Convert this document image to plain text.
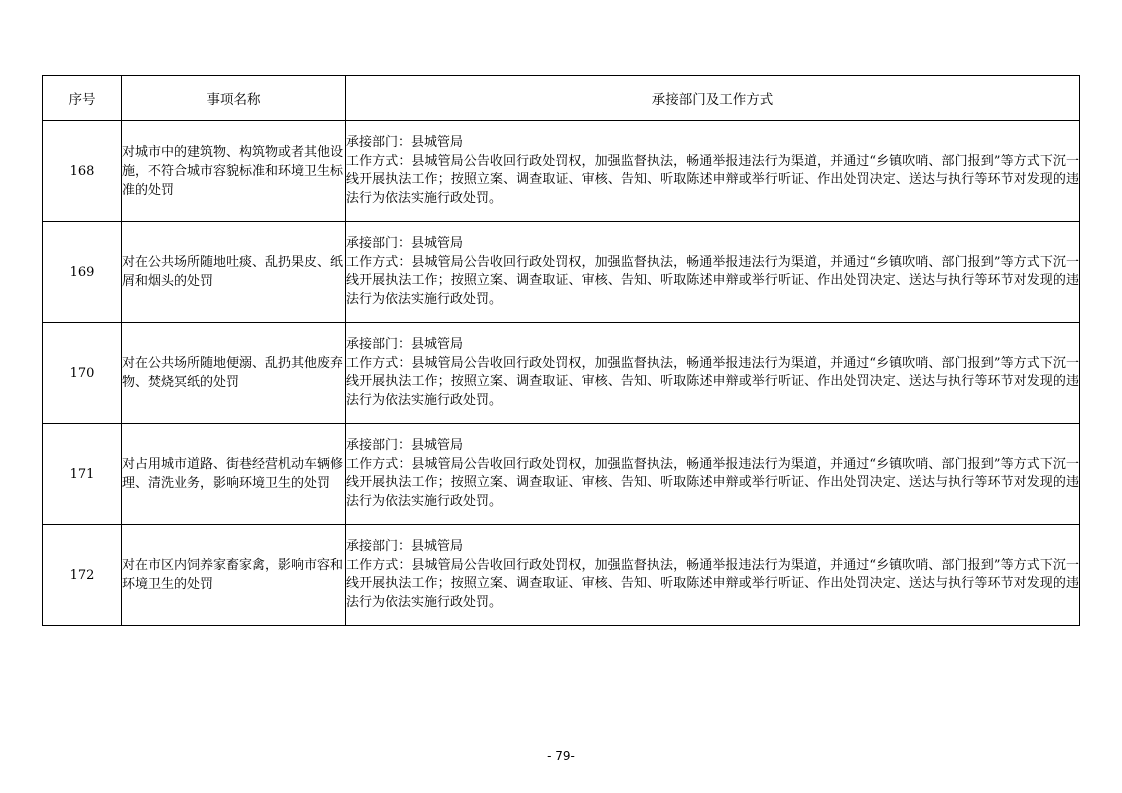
序号	事项名称	承接部门及工作方式
168	对城市中的建筑物、构筑物或者其他设施，不符合城市容貌标准和环境卫生标准的处罚	承接部门：县城管局
工作方式：县城管局公告收回行政处罚权，加强监督执法，畅通举报违法行为渠道，并通过“乡镇吹哨、部门报到”等方式下沉一线开展执法工作；按照立案、调查取证、审核、告知、听取陈述申辩或举行听证、作出处罚决定、送达与执行等环节对发现的违法行为依法实施行政处罚。

169	对在公共场所随地吐痰、乱扔果皮、纸屑和烟头的处罚	承接部门：县城管局
工作方式：县城管局公告收回行政处罚权，加强监督执法，畅通举报违法行为渠道，并通过“乡镇吹哨、部门报到”等方式下沉一线开展执法工作；按照立案、调查取证、审核、告知、听取陈述申辩或举行听证、作出处罚决定、送达与执行等环节对发现的违法行为依法实施行政处罚。

170	对在公共场所随地便溺、乱扔其他废弃物、焚烧冥纸的处罚	承接部门：县城管局
工作方式：县城管局公告收回行政处罚权，加强监督执法，畅通举报违法行为渠道，并通过“乡镇吹哨、部门报到”等方式下沉一线开展执法工作；按照立案、调查取证、审核、告知、听取陈述申辩或举行听证、作出处罚决定、送达与执行等环节对发现的违法行为依法实施行政处罚。

171	对占用城市道路、街巷经营机动车辆修理、清洗业务，影响环境卫生的处罚	承接部门：县城管局
工作方式：县城管局公告收回行政处罚权，加强监督执法，畅通举报违法行为渠道，并通过“乡镇吹哨、部门报到”等方式下沉一线开展执法工作；按照立案、调查取证、审核、告知、听取陈述申辩或举行听证、作出处罚决定、送达与执行等环节对发现的违法行为依法实施行政处罚。

172	对在市区内饲养家畜家禽，影响市容和环境卫生的处罚	承接部门：县城管局
工作方式：县城管局公告收回行政处罚权，加强监督执法，畅通举报违法行为渠道，并通过“乡镇吹哨、部门报到”等方式下沉一线开展执法工作；按照立案、调查取证、审核、告知、听取陈述申辩或举行听证、作出处罚决定、送达与执行等环节对发现的违法行为依法实施行政处罚。
- 79-
